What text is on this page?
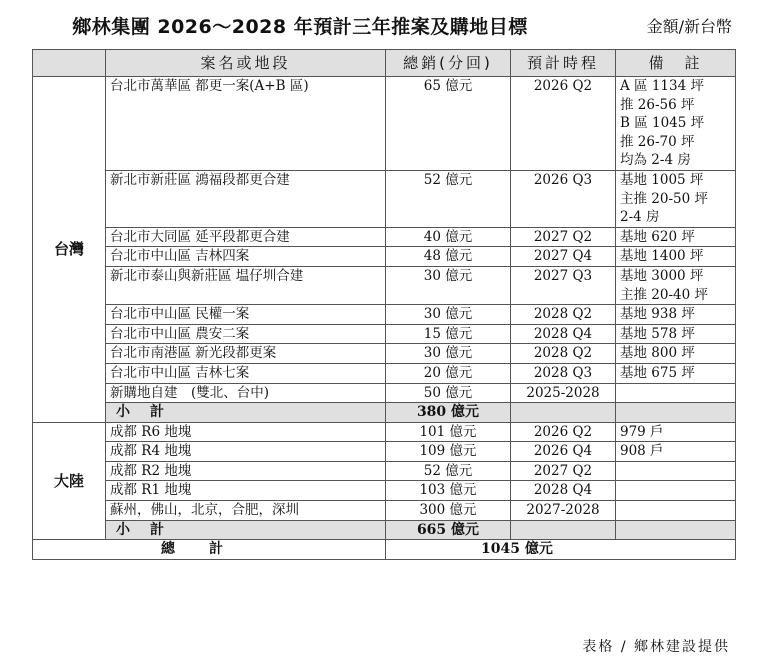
鄉林集團 2026～2028 年預計三年推案及購地目標	金額/新台幣
	案名或地段	總銷(分回)	預計時程	備　註
台灣	台北市萬華區 都更一案(A+B 區)	65 億元	2026 Q2	A 區 1134 坪
推 26-56 坪
B 區 1045 坪
推 26-70 坪
均為 2-4 房
	新北市新莊區 鴻福段都更合建	52 億元	2026 Q3	基地 1005 坪
主推 20-50 坪
2-4 房
	台北市大同區 延平段都更合建	40 億元	2027 Q2	基地 620 坪
	台北市中山區 吉林四案	48 億元	2027 Q4	基地 1400 坪
	新北市泰山與新莊區 塭仔圳合建	30 億元	2027 Q3	基地 3000 坪
主推 20-40 坪
	台北市中山區 民權一案	30 億元	2028 Q2	基地 938 坪
	台北市中山區 農安二案	15 億元	2028 Q4	基地 578 坪
	台北市南港區 新光段都更案	30 億元	2028 Q2	基地 800 坪
	台北市中山區 吉林七案	20 億元	2028 Q3	基地 675 坪
	新購地自建　(雙北、台中)	50 億元	2025-2028	
	小計	380 億元		
大陸	成都 R6 地塊	101 億元	2026 Q2	979 戶
	成都 R4 地塊	109 億元	2026 Q4	908 戶
	成都 R2 地塊	52 億元	2027 Q2	
	成都 R1 地塊	103 億元	2028 Q4	
	蘇州，佛山，北京，合肥，深圳	300 億元	2027-2028	
	小計	665 億元		
總計		1045 億元		
表格 / 鄉林建設提供
